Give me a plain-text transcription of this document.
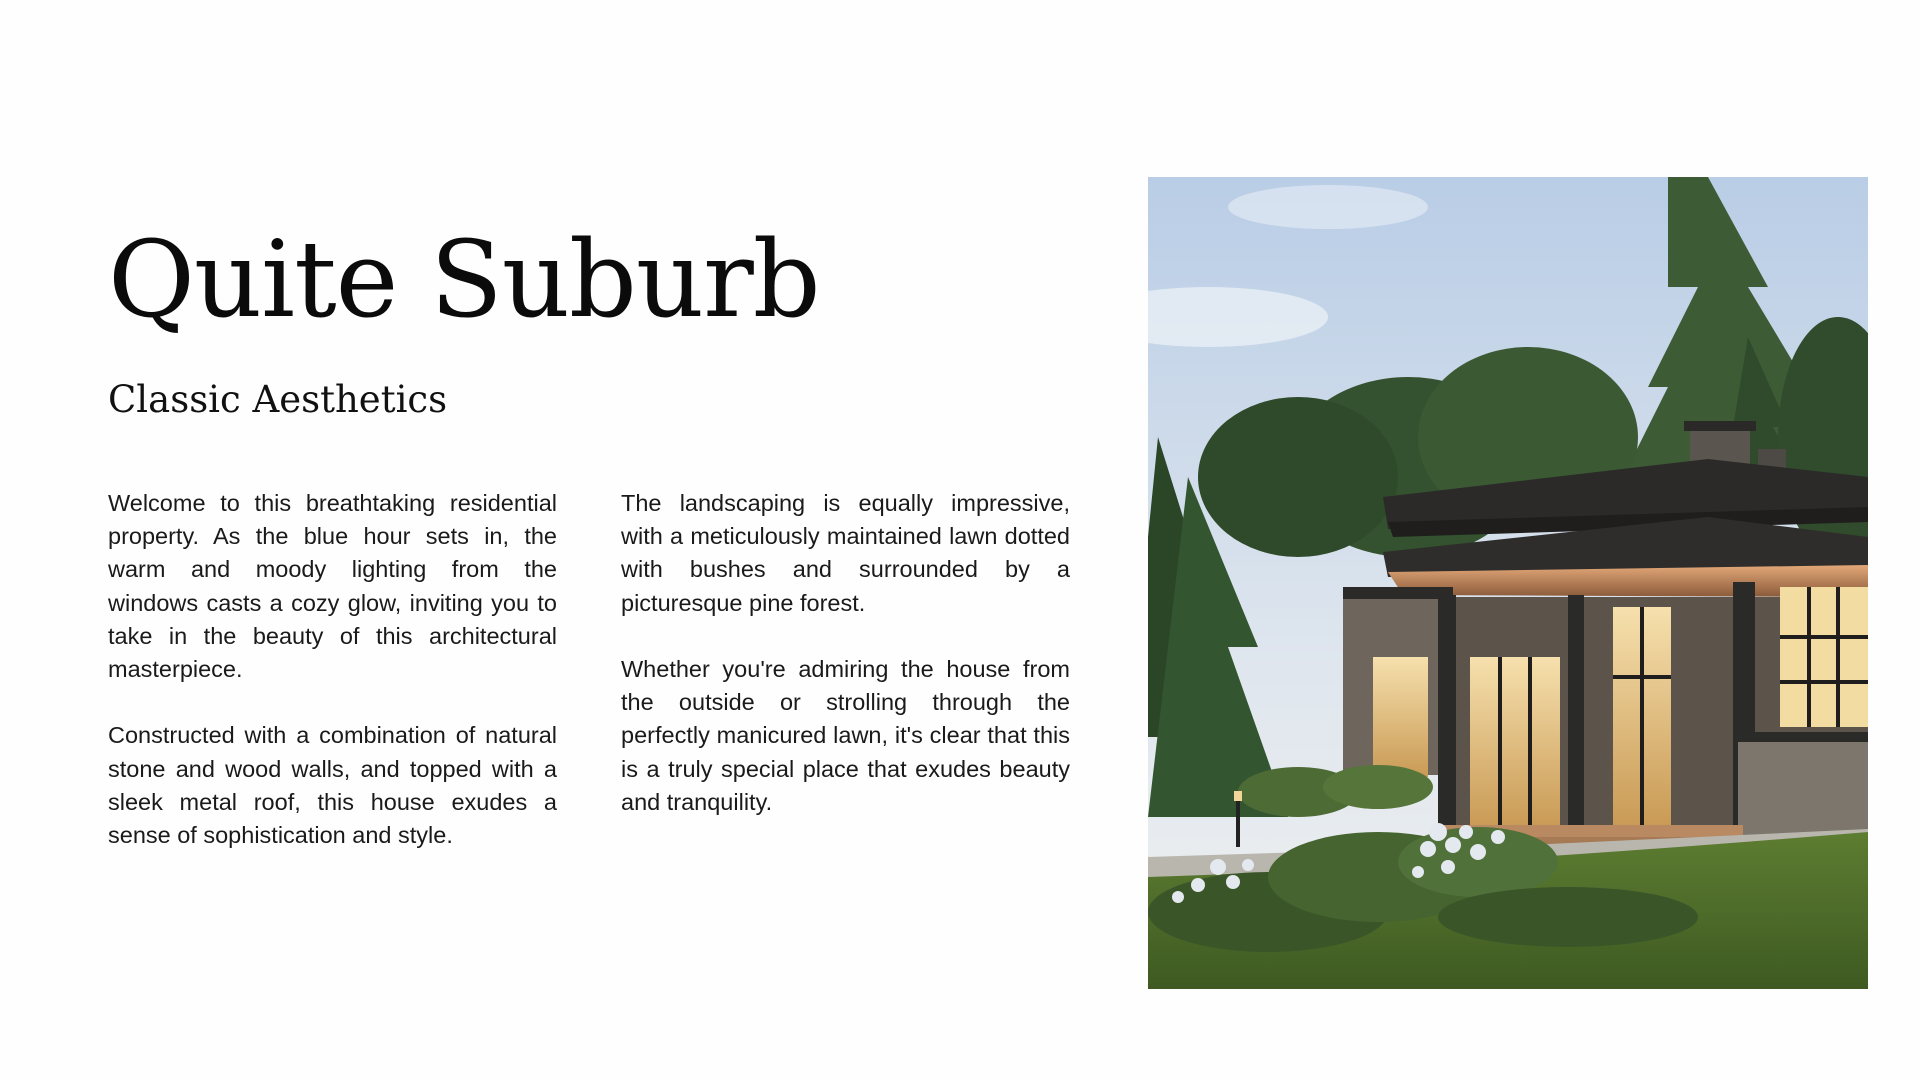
Quite Suburb
Classic Aesthetics

Welcome to this breathtaking residential property. As the blue hour sets in, the warm and moody lighting from the windows casts a cozy glow, inviting you to take in the beauty of this architectural masterpiece.

Constructed with a combination of natural stone and wood walls, and topped with a sleek metal roof, this house exudes a sense of sophistication and style.

The landscaping is equally impressive, with a meticulously maintained lawn dotted with bushes and surrounded by a picturesque pine forest.

Whether you're admiring the house from the outside or strolling through the perfectly manicured lawn, it's clear that this is a truly special place that exudes beauty and tranquility.
